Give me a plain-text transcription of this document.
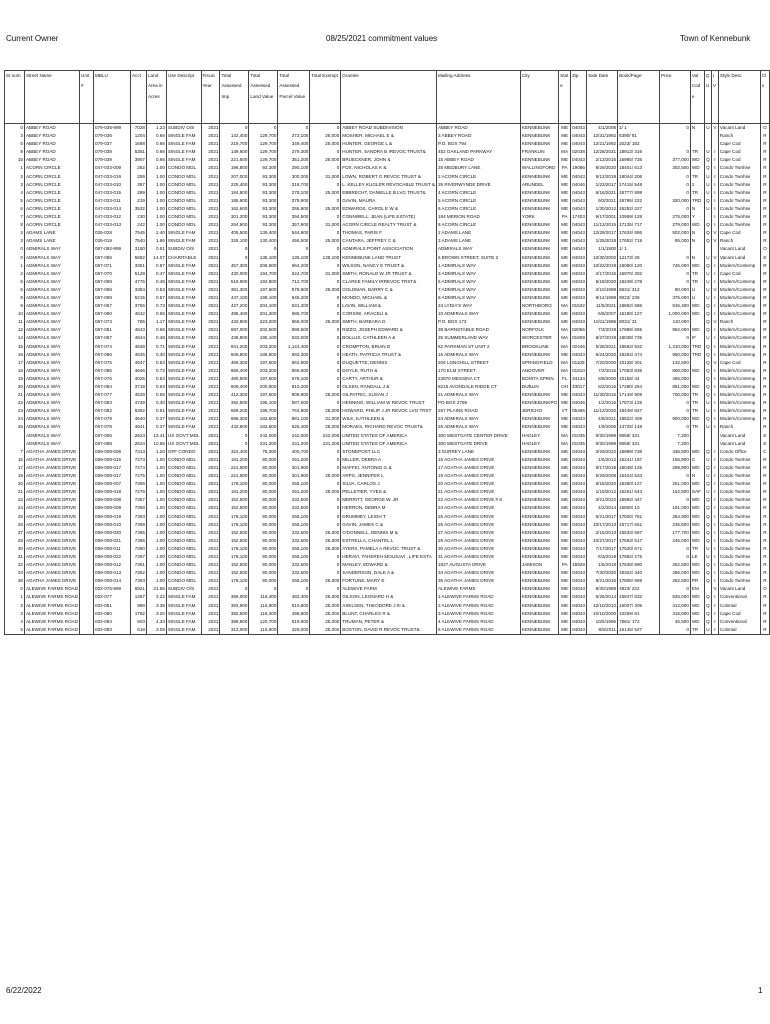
Current Owner	08/25/2021 commitment values	Town of Kennebunk
St num	Street Name	Unit #	MBLU	Acct	Land Area in Acres	Use Descript	Fiscal Year	Total Assessed Imp	Total Assessed Land Value	Total Assessed Parcel Value	Total Exempt	Grantee	Mailing Address	City	Stat e	Zip	Sale Date	Book/Page	Price	Val Cod e	Q U	I V	Style Desc	Cl s
0	ABBEY ROAD		079-035-999	7028	1.23	SUBDIV O/S	2021	0	0	0	0	ABBEY ROAD SUBDIVISION	ABBEY ROAD	KENNEBUNK	ME	04043	4/1/2006	1/ 1	0	N	U	V	Vacant Land	O
3	ABBEY ROAD		079-036	1204	0.66	SINGLE FAM	2021	142,400	129,700	272,100	25,000	MOSHER, MICHAEL E &	3 ABBEY ROAD	KENNEBUNK	ME	04043	12/31/1992	6390/ 81					Ranch	R
5	ABBEY ROAD		079-037	1668	0.66	SINGLE FAM	2021	219,700	129,700	349,400	25,000	HUNTER, GEORGE L &	P.O. BOX 794	KENNEBUNK	ME	04043	12/21/1992	2023/ 182					Cape Cod	R
9	ABBEY ROAD		079-038	5351	0.66	SINGLE FAM	2021	149,600	129,700	279,300	0	HUNTER, SANDRA B IREVOC TRUST&	452 OAKLAND PARKWAY	FRANKLIN	MA	02038	12/28/2021	18913/ 316	0	TR	U	I	Cape Cod	R
15	ABBEY ROAD		079-039	3907	0.66	SINGLE FAM	2021	221,500	129,700	351,200	25,000	BRUECKNER, JOHN &	15 ABBEY ROAD	KENNEBUNK	ME	04043	2/13/2015	16985/ 735	377,000	WD	Q	I	Cape Cod	R
1	ACORN CIRCLE		047-033-009	252	1.00	CONDO MDL	2021	196,800	93,300	290,100	0	FOX, NICHOLAS K &	28 MEDBURY LANE	WALLINGFORD	PA	19086	9/29/2020	18401/ 613	302,500	WD	Q	I	Condo Twnhse	R
2	ACORN CIRCLE		047-033-016	259	1.00	CONDO MDL	2021	207,000	93,300	300,300	31,000	LOWN, ROBERT G REVOC TRUST &	2 ACORN CIRCLE	KENNEBUNK	ME	04043	9/12/2019	18044/ 206	0	TR	U	I	Condo Twnhse	R
3	ACORN CIRCLE		047-033-010	387	1.00	CONDO MDL	2021	225,400	93,300	318,700	0	L. KELLEY KUGLER REVOCABLE TRUST &	26 RIVERWYNDE DRIVE	ARUNDEL	ME	04046	1/23/2017	17415/ 548	0	2	U	I	Condo Twnhse	R
4	ACORN CIRCLE		047-033-015	289	1.00	CONDO MDL	2021	184,800	93,300	278,100	25,000	EBBRECHT, DANIELLE B LVG TRUST&	4 ACORN CIRCLE	KENNEBUNK	ME	04043	8/16/2021	18777/ 899	0	TR	U	I	Condo Twnhse	R
5	ACORN CIRCLE		047-033-011	219	1.00	CONDO MDL	2021	185,600	93,300	278,900	0	GAVIN, MAURA	5 ACORN CIRCLE	KENNEBUNK	ME	04043	9/3/2021	18795/ 222	320,000	TRD	Q	I	Condo Twnhse	R
6	ACORN CIRCLE		047-033-014	3532	1.00	CONDO MDL	2021	162,600	93,300	255,900	25,000	EDWARDS, CAROL E W &	6 ACORN CIRCLE	KENNEBUNK	ME	04043	1/30/2012	16252/ 227	0	N	U	I	Condo Twnhse	R
7	ACORN CIRCLE		047-033-012	230	1.00	CONDO MDL	2021	301,200	93,300	394,500	0	CONNWELL, JEAN (LIFE ESTATE)	184 MERION ROAD	YORK	PA	17403	9/17/2001	10959/ 128	275,000	Y		I	Condo Twnhse	R
8	ACORN CIRCLE		047-033-013	242	1.00	CONDO MDL	2021	264,600	93,300	357,900	31,000	ACORN CIRCLE REALTY TRUST &	8 ACORN CIRCLE	KENNEBUNK	ME	04043	11/12/2015	17135/ 717	279,000	WD	Q	I	Condo Twnhse	R
2	ADAMS LANE		026-028	7545	2.40	SINGLE FAM	2021	405,500	139,400	544,900	0	THOMAS, PARIS F	2 ADAMS LANE	KENNEBUNK	ME	04043	12/29/2017	17634/ 886	502,000	N	Q	V	Cape Cod	R
3	ADAMS LANE		026-019	7540	1.86	SINGLE FAM	2021	326,100	130,400	456,500	25,000	CANTARA, JEFFREY C &	3 ADAMS LANE	KENNEBUNK	ME	04043	1/25/2018	17652/ 719	95,000	N	Q	V	Ranch	R
0	ADMIRALS WAY		067-092-999	3150	0.51	SUBDIV O/S	2021	0	0	0	0	ADMIRALS POINT ASSOCIATION	ADMIRALS WAY	KENNEBUNK	ME	04043	1/1/1900	1/ 1					Vacant Land	O
0	ADMIRALS WAY		067-096	5682	14.07	CHARITABLE	2021	0	135,100	135,100	135,100	KENNEBUNK LAND TRUST	6 BROWN STREET, SUITE 2	KENNEBUNK	ME	04043	10/30/2002	12173/ 28	0	N	U	V	Vacant Land	E
1	ADMIRALS WAY		067-071	3351	0.87	SINGLE FAM	2021	457,300	206,900	664,200	0	WILSON, NANCY E TRUST &	1 ADMIRALS WAY	KENNEBUNK	ME	04043	10/22/2019	18080/ 120	745,000	WD	Q	I	Modern/Contemp	R
2	ADMIRALS WAY		067-070	5129	0.47	SINGLE FAM	2021	430,000	194,700	624,700	31,000	SMITH, RONALD W JR TRUST &	3 ADMIRALS WAY	KENNEBUNK	ME	04043	2/17/2015	16970/ 302	0	TR	U	I	Cape Cod	R
5	ADMIRALS WAY		067-069	4776	0.45	SINGLE FAM	2021	519,900	192,800	712,700	0	CLARKE FAMILY IRREVOC TRST&	5 ADMIRALS WAY	KENNEBUNK	ME	04043	5/18/2020	18249/ 278	0	TR	U	I	Modern/Contemp	R
6	ADMIRALS WAY		067-068	3384	0.53	SINGLE FAM	2021	381,300	197,600	578,900	25,000	GOLDMAN, BARRY C &	7 ADMIRALS WAY	KENNEBUNK	ME	04043	2/10/1998	8631/ 312	90,000	U	U	V	Modern/Contemp	R
8	ADMIRALS WAY		067-069	5215	0.57	SINGLE FAM	2021	447,100	198,100	645,200	0	MONDO, MICHAEL &	8 ADMIRALS WAY	KENNEBUNK	ME	04043	9/14/1998	9022/ 239	375,000	U	U	I	Modern/Contemp	R
9	ADMIRALS WAY		067-067	3756	0.73	SINGLE FAM	2021	427,200	204,100	631,300	0	LAVIN, WILLIAM &	24 LYDIA'S WAY	NORTHBORO	MA	01532	11/5/2021	18862/ 586	915,400	WD	Q	I	Modern/Contemp	R
10	ADMIRALS WAY		067-080	4642	0.65	SINGLE FAM	2021	485,400	201,300	686,700	0	CORSINI, ARACELI &	10 ADMIRALS WAY	KENNEBUNK	ME	04043	6/8/2007	15180/ 127	1,000,000	WD	Q	I	Modern/Contemp	R
11	ADMIRALS WAY		067-073	765	1.17	SINGLE FAM	2021	432,800	223,200	656,000	25,000	SMITH, BARBARA D	P.O. BOX 173	KENNEBUNK	ME	04043	10/11/1996	8031/ 31	110,000		Q	V	Ranch	R
12	ADMIRALS WAY		067-081	4643	0.66	SINGLE FAM	2021	697,000	202,500	899,500	0	RIZZO, JOSEPH EDWARD &	39 BARNSTABLE ROAD	NORFOLK	MA	02056	7/3/2019	17989/ 555	952,000	WD	Q	I	Modern/Contemp	R
14	ADMIRALS WAY		067-087	4644	0.48	SINGLE FAM	2021	436,800	195,100	632,000	0	BOLLUS, CATHLEEN A &	25 SUMMERLAND WAY	WORCESTER	MA	01609	8/27/2019	18038/ 735	0	IF	U	I	Modern/Contemp	R
15	ADMIRALS WAY		067-074	4648	0.71	SINGLE FAM	2021	941,200	203,200	1,144,400	0	CROMPTON, BRIAN D	62 PARKMAN ST UNIT 2	BROOKLINE	MA	02446	5/28/2021	18682/ 932	1,310,000	TRD	Q	I	Modern/Contemp	R
16	ADMIRALS WAY		067-086	4645	0.40	SINGLE FAM	2021	506,800	186,500	693,300	0	HEATH, PATRICIA TRUST &	16 ADMIRALS WAY	KENNEBUNK	ME	04043	6/24/2020	18284/ 474	960,000	TRD	Q	I	Modern/Contemp	R
17	ADMIRALS WAY		067-075	4647	0.54	SINGLE FAM	2021	465,300	197,600	662,900	0	DUQUETTE, DENNIS	206 LONGHILL STREET	SPRINGFIELD	MA	01108	7/20/2000	10128/ 301	132,500		Q	V	Cape Cod	R
18	ADMIRALS WAY		067-085	4646	0.72	SINGLE FAM	2021	666,400	203,200	869,600	0	DOYLE, RUTH &	170 ELM STREET	ANDOVER	MA	01810	7/2/2015	17053/ 835	800,000	WD	Q	I	Modern/Contemp	R
19	ADMIRALS WAY		067-076	4025	0.54	SINGLE FAM	2021	480,500	197,600	678,100	0	CARTY, ARTHUR &	23870 MESSINA CT	BONITA SPRIN	FL	34134	8/8/2000	10158/ 44	455,000		Q	I	Modern/Contemp	R
20	ADMIRALS WAY		067-084	3718	0.63	SINGLE FAM	2021	609,400	200,800	810,200	0	OLSEN, RANDALL J &	8218 AVONDALE RIDGE CT	DUBLIN	OH	43017	8/2/2016	17290/ 254	851,000	WD	Q	I	Modern/Contemp	R
21	ADMIRALS WAY		067-077	4628	0.55	SINGLE FAM	2021	412,300	197,600	609,900	25,000	GILPATRIC, SUSAN J	21 ADMIRALS WAY	KENNEBUNK	ME	04043	11/30/2015	17149/ 909	700,000	TR	Q	I	Modern/Contemp	R
22	ADMIRALS WAY		067-083	4749	0.40	SINGLE FAM	2021	392,500	195,100	587,600	0	HENNING, WILLIAM W REVOC TRUST	PO BOX 2789	KENNEBUNKPO	ME	04046	1/2/2016	17873/ 125	0	TR	U	I	Modern/Contemp	R
23	ADMIRALS WAY		067-082	5392	0.51	SINGLE FAM	2021	569,200	195,700	764,900	25,000	HOWARD, PHILIP J JR REVOC LVG TRST	267 PLAINS ROAD	JERICHO	VT	05465	11/12/2020	18448/ 827	0	TR	U	I	Modern/Contemp	R
24	ADMIRALS WAY		067-079	4640	0.37	SINGLE FAM	2021	698,300	182,800	881,100	31,000	WILK, KATHLEEN &	24 ADMIRALS WAY	KENNEBUNK	ME	04043	4/8/2021	18622/ 409	900,000	WD	Q	I	Modern/Contemp	R
25	ADMIRALS WAY		067-078	4641	0.37	SINGLE FAM	2021	442,600	182,800	625,400	25,000	MORAES, RICHARD REVOC TRUST&	25 ADMIRALS WAY	KENNEBUNK	ME	04043	1/9/2006	14725/ 148	0	TR	U	I	Ranch	R
	ADMIRALS WAY		067-066	2623	13.41	US GOVT MDL	2021	0	242,000	242,000	242,000	UNITED STATES OF AMERICA	300 WESTGATE CENTER DRIVE	HADLEY	MA	01035	9/30/1998	9058/ 331	7,200				Vacant Land	E
	ADMIRALS WAY		067-088	2624	10.88	US GOVT MDL	2021	0	231,200	231,200	231,200	UNITED STATES OF AMERICA	300 WESTGATE DRIVE	HADLEY	MA	01035	9/30/1998	9058/ 331	7,200				Vacant Land	E
7	AGATHA JAMES DRIVE		059-009-006	7313	1.20	OFF CONDO	2021	324,400	76,300	400,700	0	STONEPOST LLC	3 SURREY LANE	KENNEBUNK	ME	04043	3/29/2022	18989/ 738	436,500	WD	Q	I	Condo Office	C
15	AGATHA JAMES DRIVE		059-009-015	7273	1.00	CONDO MDL	2021	181,200	80,000	261,200	0	MILLER, DEBRA A	15 AGATHA JAMES DRIVE	KENNEBUNK	ME	04043	1/6/2012	16241/ 187	165,900	C	U	I	Condo Twnhse	R
17	AGATHA JAMES DRIVE		059-009-017	7274	1.00	CONDO MDL	2021	221,900	80,000	301,900	0	MAFFEI, ANTONIO G &	17 AGATHA JAMES DRIVE	KENNEBUNK	ME	04043	9/17/2019	18048/ 125	299,900	WD	Q	I	Condo Twnhse	R
19	AGATHA JAMES DRIVE		059-009-017	7275	1.00	CONDO MDL	2021	221,900	80,000	301,900	25,000	ARPS, JENNIFER L	19 AGATHA JAMES DRIVE	KENNEBUNK	ME	04043	5/29/2008	15424/ 533	0	N	U	I	Condo Twnhse	R
20	AGATHA JAMES DRIVE		059-009-007	7356	1.00	CONDO MDL	2021	178,100	80,000	258,100	0	SILVA, CARLOS J	20 AGATHA JAMES DRIVE	KENNEBUNK	ME	04043	8/18/2020	18350/ 127	251,000	WD	Q	I	Condo Twnhse	R
21	AGATHA JAMES DRIVE		059-009-018	7276	1.00	CONDO MDL	2021	181,200	80,000	261,200	25,000	PELLETIER, YVES &	21 AGATHA JAMES DRIVE	KENNEBUNK	ME	04043	1/19/2012	16251/ 643	152,500	SAF	U	I	Condo Twnhse	R
22	AGATHA JAMES DRIVE		059-009-008	7357	1.00	CONDO MDL	2021	152,500	80,000	232,500	0	MERRITT, GEORGE W. JR	22 AGATHA JAMES DRIVE # 8	KENNEBUNK	ME	04043	3/21/2022	18992/ 447	0	WD	Q	I	Condo Twnhse	R
24	AGATHA JAMES DRIVE		059-009-009	7358	1.00	CONDO MDL	2021	152,500	80,000	232,500	0	HERRON, DEBRA M	24 AGATHA JAMES DRIVE	KENNEBUNK	ME	04043	4/2/2014	16800/ 10	191,000	WD	Q	I	Condo Twnhse	R
25	AGATHA JAMES DRIVE		059-009-019	7363	1.00	CONDO MDL	2021	178,100	80,000	258,100	0	DRUMMEY, LEIGH T	25 AGATHA JAMES DRIVE	KENNEBUNK	ME	04043	6/21/2017	17500/ 781	254,900	WD	Q	I	Condo Twnhse	R
26	AGATHA JAMES DRIVE		059-009-010	7359	1.00	CONDO MDL	2021	178,100	80,000	258,100	0	GAVIN, JAMES C &	26 AGATHA JAMES DRIVE	KENNEBUNK	ME	04043	10/17/2013	16717/ 651	235,600	WD	Q	I	Condo Twnhse	R
27	AGATHA JAMES DRIVE		059-009-020	7365	1.00	CONDO MDL	2021	152,500	80,000	232,500	25,000	O'DONNELL, DENNIS M &	27 AGATHA JAMES DRIVE	KENNEBUNK	ME	04043	2/15/2013	16533/ 667	177,700	WD	Q	I	Condo Twnhse	R
29	AGATHA JAMES DRIVE		059-009-021	7366	1.00	CONDO MDL	2021	152,500	80,000	232,500	25,000	ESTRELLA, CHANTEL L	29 AGATHA JAMES DRIVE	KENNEBUNK	ME	04043	10/27/2017	17593/ 517	245,000	WD	Q	I	Condo Twnhse	R
30	AGATHA JAMES DRIVE		059-009-011	7360	1.00	CONDO MDL	2021	178,100	80,000	258,100	25,000	AYERS, PAMELA A REVOC TRUST &	30 AGATHA JAMES DRIVE	KENNEBUNK	ME	04043	7/17/2017	17520/ 671	0	TR	U	I	Condo Twnhse	R
31	AGATHA JAMES DRIVE		059-009-022	7367	1.00	CONDO MDL	2021	178,100	80,000	258,100	0	HERAVI, TAHEREH MOUSAVI , LIFE ESTA	31 AGATHA JAMES DRIVE	KENNEBUNK	ME	04043	6/3/2019	17962/ 275	0	LE	U	I	Condo Twnhse	R
32	AGATHA JAMES DRIVE		059-009-012	7361	1.00	CONDO MDL	2021	152,500	80,000	232,500	0	MANLEY, EDWARD &	1827 AUGUSTA DRIVE	JAMISON	PA	18929	1/5/2018	17639/ 890	252,500	WD	Q	I	Condo Twnhse	R
34	AGATHA JAMES DRIVE		059-009-013	7362	1.00	CONDO MDL	2021	152,500	80,000	232,500	0	SANDERSON, DALE A &	34 AGATHA JAMES DRIVE	KENNEBUNK	ME	04043	7/30/2020	18324/ 340	286,000	WD	Q	I	Condo Twnhse	R
36	AGATHA JAMES DRIVE		059-009-014	7363	1.00	CONDO MDL	2021	178,100	80,000	258,100	25,000	FORTUNE, MARY E	36 AGATHA JAMES DRIVE	KENNEBUNK	ME	04043	9/21/2016	17805/ 889	282,500	PR	Q	I	Condo Twnhse	R
0	ALEWIVE FARMS ROAD		002-076-999	6921	21.56	SUBDIV O/S	2021	0	0	0	0	ALEWIVE FARM	ALEWIVE FARMS	KENNEBUNK	ME	04043	8/30/1988	4823/ 222	0	EM		V	Vacant Land	O
1	ALEWIVE FARMS ROAD		002-077	1467	3.22	SINGLE FAM	2021	366,000	116,400	482,400	25,000	GILSON, LEONARD H &	1 ALEWIVE FARMS ROAD	KENNEBUNK	ME	04043	6/26/2014	16847/ 832	535,000	WD	Q	I	Conventional	R
2	ALEWIVE FARMS ROAD		002-081	988	3.38	SINGLE FAM	2021	393,900	116,900	510,800	25,000	AXELSEN, THEODORE J III &	2 ALEWIVE FARMS ROAD	KENNEBUNK	ME	04043	12/10/2010	16007/ 305	412,000	WD	Q	I	Colonial	R
3	ALEWIVE FARMS ROAD		002-080	1762	3.20	SINGLE FAM	2021	382,500	116,300	498,800	25,000	BLUNT, CHARLES R &	3 ALEWIVE FARMS ROAD	KENNEBUNK	ME	04043	10/10/2000	10259/ 81	315,000	WD	Q	I	Cape Cod	R
4	ALEWIVE FARMS ROAD		002-084	603	4.34	SINGLE FAM	2021	399,800	120,700	519,900	25,000	TRUMAN, PETER &	4 ALEWIVE FARMS ROAD	KENNEBUNK	ME	04043	10/5/1995	7581/ 172	45,500	WD	Q	I	Conventional	R
5	ALEWIVE FARMS ROAD		002-083	618	3.08	SINGLE FAM	2021	313,000	115,900	429,000	25,000	BOSTON, DAVID R REVOC TRUST&	5 ALEWIVE FARMS ROAD	KENNEBUNK	ME	04043	8/5/2011	16145/ 527	0	TR	U	I	Colonial	R
6/22/2022	1
